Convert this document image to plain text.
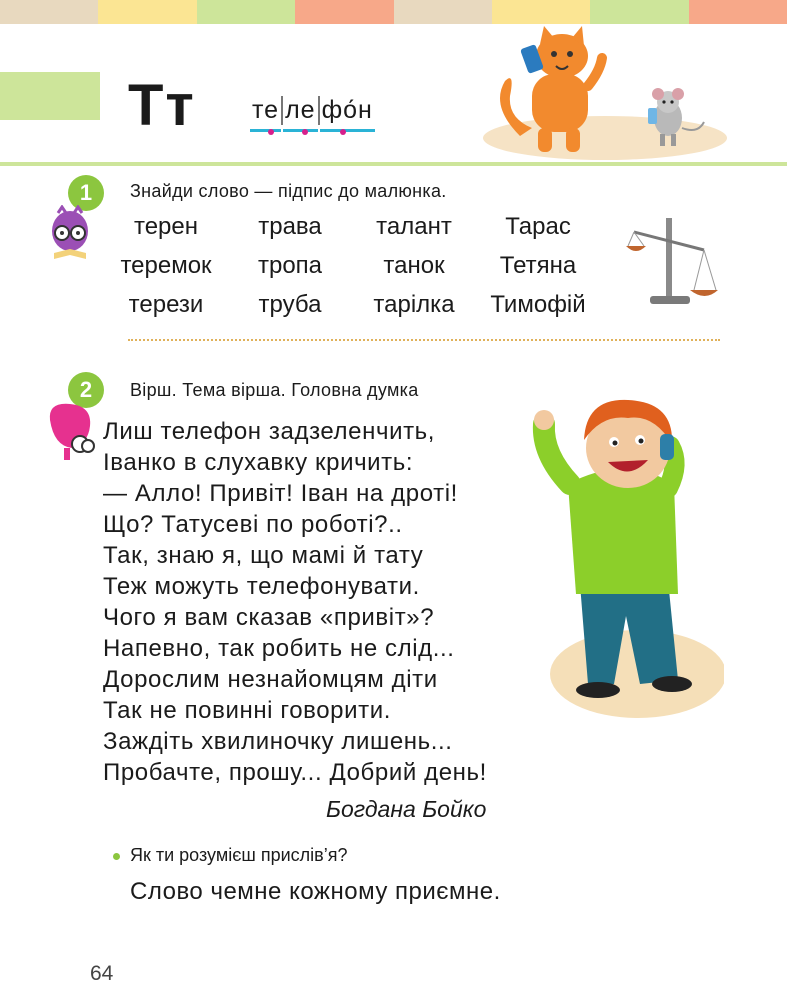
Тт те ле фо́н
1	Знайди слово — підпис до малюнка.
терен	трава	талант	Тарас
теремок	тропа	танок	Тетяна
терези	труба	тарілка	Тимофій
2	Вірш. Тема вірша. Головна думка
Лиш телефон задзеленчить,
Іванко в слухавку кричить:
— Алло! Привіт! Іван на дроті!
Що? Татусеві по роботі?..
Так, знаю я, що мамі й тату
Теж можуть телефонувати.
Чого я вам сказав «привіт»?
Напевно, так робить не слід...
Дорослим незнайомцям діти
Так не повинні говорити.
Заждіть хвилиночку лишень...
Пробачте, прошу... Добрий день!
Богдана Бойко
Як ти розумієш прислів’я?
Слово чемне кожному приємне.
64
